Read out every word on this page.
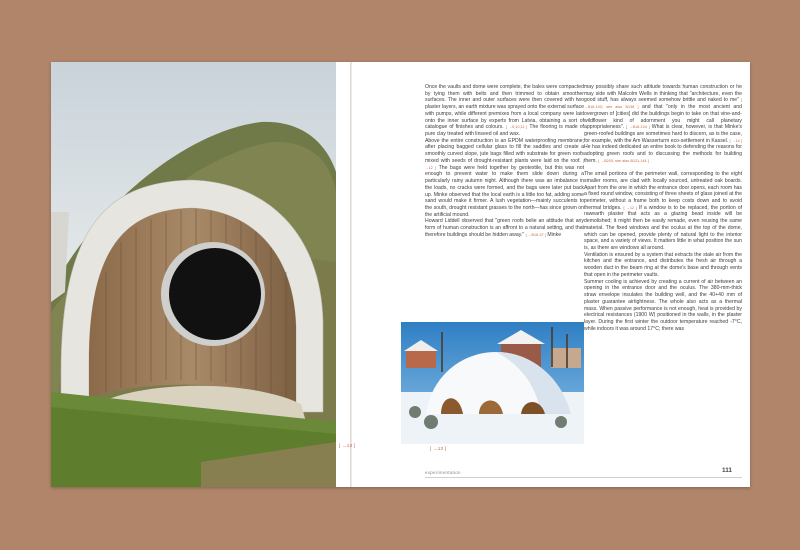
[ →13 ]

Once the vaults and dome were complete, the bales were compacted by tying them with belts and then trimmed to obtain smoother surfaces. The inner and outer surfaces were then covered with two plaster layers, an earth mixture was sprayed onto the external surface with pumps, while different premixes from a local company were laid onto the inner surface by experts from Latvia, obtaining a sort of catalogue of finishes and colours. [ →5,10,11 ] The flooring is made of pure clay treated with linseed oil and wax.

Above the entire construction is an EPDM waterproofing membrane; after placing bagged cellular glass to fill the saddles and create a smoothly curved slope, jute bags filled with substrate for green roofs mixed with seeds of drought-resistant plants were laid on the roof. [ →12 ] The bags were held together by geotextile, but this was not enough to prevent water to make them slide down during a particularly rainy autumn night. Although there was an imbalance in the loads, no cracks were formed, and the bags were later put back up. Minke observed that the local earth is a little too fat, adding some sand would make it firmer. A lush vegetation—mainly succulents to the south, drought resistant grasses to the north—has since grown on the artificial mound.

Howard Liddell observed that "green roofs belie an attitude that any form of human construction is an affront to a natural setting, and that therefore buildings should be hidden away." [ →B16-37 ] Minke

[ →13 ]

may possibly share such attitude towards human construction or he may side with Malcolm Wells in thinking that "architecture, even the good stuff, has always seemed somehow brittle and naked to me" [ →B16-103; see also B138 ] and that "only in the most ancient and overgrown of [cities] did the buildings begin to take on that vine-and-wildflower kind of adornment you might call planetary appropriateness". [ →B16-104 ] What is clear, however, is that Minke's green-roofed buildings are sometimes hard to discern, as is the case, for example, with the Am Wasserturm eco-settlement in Kassel. [ →14 ] He has indeed dedicated an entire book to defending the reasons for adopting green roofs and to discussing the methods for building them. [ →B203; see also B131,144 ]

The small portions of the perimeter wall, corresponding to the eight smaller rooms, are clad with locally sourced, untreated oak boards. Apart from the one in which the entrance door opens, each room has a fixed round window, consisting of three sheets of glass joined at the perimeter, without a frame both to keep costs down and to avoid thermal bridges. [ →12 ] If a window is to be replaced, the portion of rawearth plaster that acts as a glazing bead inside will be demolished; it might then be easily remade, even reusing the same material. The fixed windows and the oculus at the top of the dome, which can be opened, provide plenty of natural light to the interior space, and a variety of views. It matters little in what position the sun is, as there are windows all around.

Ventilation is ensured by a system that extracts the stale air from the kitchen and the entrance, and distributes the fresh air through a wooden duct in the beam ring at the dome's base and through vents that open in the perimeter vaults.

Summer cooling is achieved by creating a current of air between an opening in the entrance door and the oculus. The 380-mm-thick straw envelope insulates the building well, and the 40+40 mm of plaster guarantee airtightness. The whole also acts as a thermal mass. When passive performance is not enough, heat is provided by electrical resistances (1900 W) positioned in the walls, in the plaster layer. During the first winter the outdoor temperature reached -7°C, while indoors it was around 17°C; there was

experimentation	111
